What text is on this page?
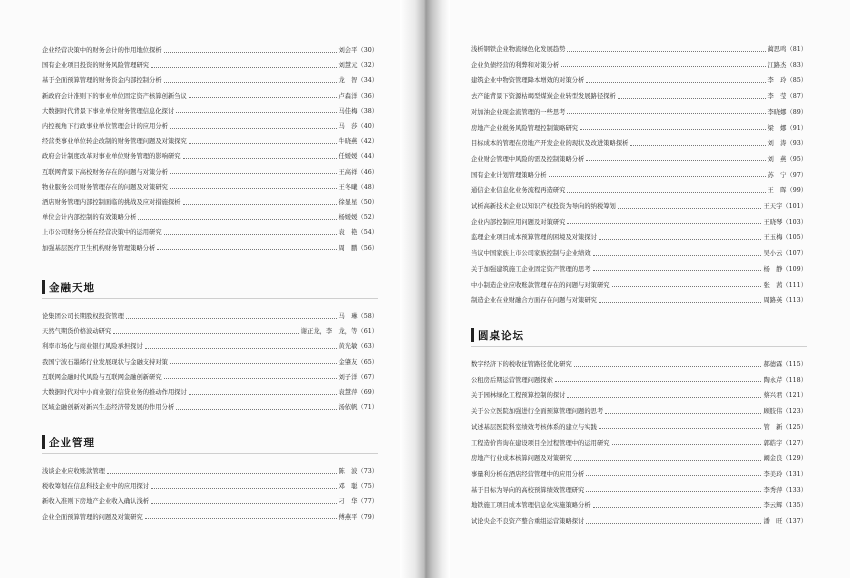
企业经营决策中的财务会计的作用地位探析	刘会平（30）
国有企业项目投资的财务风险管理研究	刘慧元（32）
基于全面预算管理的财务资金内部控制分析	龙　智（34）
新政府会计准则下的事业单位固定资产核算创新刍议	卢森洋（36）
大数据时代背景下事业单位财务管理信息化探讨	马佳梅（38）
内控视角下行政事业单位管理会计的应用分析	马　莎（40）
经营类事业单位转企改制的财务管理问题及对策探究	牛晓燕（42）
政府会计制度改革对事业单位财务管理的影响研究	任媛媛（44）
互联网背景下高校财务存在的问题与对策分析	王高祥（46）
物业服务公司财务管理存在的问题及对策研究	王冬曦（48）
酒店财务管理内部控制面临的挑战及应对措施探析	徐显星（50）
单位会计内部控制的有效策略分析	杨媛媛（52）
上市公司财务分析在经营决策中的运用研究	袁　艳（54）
加强基层医疗卫生机构财务管理策略分析	周　鹏（56）
金融天地
论集团公司长期股权投资管理	马　琳（58）
天然气期货价格波动研究	谢正龙，李　龙，等（61）
利率市场化与商业银行风险承担探讨	黄光敏（63）
我国宁波石墨烯行业发展现状与金融支持对策	金肇友（65）
互联网金融时代风险与互联网金融创新研究	刘子洋（67）
大数据时代对中小商业银行信贷业务的推动作用探讨	袁慧萍（69）
区域金融创新对新兴生态经济带发展的作用分析	汤依帆（71）
企业管理
浅谈企业应收账款管理	陈　波（73）
税收筹划在信息科技企业中的应用探讨	邓　聪（75）
新收入准则下房地产企业收入确认浅析	刁　华（77）
企业全面预算管理的问题及对策研究	傅燕平（79）
浅析钢铁企业物流绿色化发展趋势	蔺思鸣（81）
企业负债经营的利弊和对策分析	江路杰（83）
建筑企业中物资管理降本增效的对策分析	李　玲（85）
去产能背景下资源枯竭型煤炭企业转型发展路径探析	李　莹（87）
对加油企业现金流管理的一些思考	李晓娜（89）
房地产企业税务风险管理控制策略研究	梁　娜（91）
目标成本的管理在房地产开发企业的现状及改进策略探析	刘　涛（93）
企业财会管理中风险的需及控制策略分析	刘　燕（95）
国有企业计划管理策略分析	苏　宁（97）
通信企业信息化业务流程再造研究	王　晖（99）
试析高新技术企业以知识产权投资为导向的纳税筹划	王天宇（101）
企业内部控制应用问题及对策研究	王晓琴（103）
监理企业项目成本预算管理的困境及对策探讨	王玉梅（105）
当议中国家族上市公司家族控制与企业绩效	吴小云（107）
关于加强建筑施工企业固定资产管理的思考	杨　静（109）
中小制造企业应收账款管理存在的问题与对策研究	张　茜（111）
制造企业在业财融合方面存在问题与对策研究	周路英（113）
圆桌论坛
数字经济下的税收征管路径优化研究	郝德霖（115）
公租房后期运营管理问题探索	陶永芹（118）
关于园林绿化工程预算控制的探讨	蔡兴君（121）
关于公立医院加强进行全面预算管理问题的思考	顾肢伟（123）
试述基层医院科室绩效考核体系的建立与实践	管　新（125）
工程造价咨询在建设项目全过程管理中的运用研究	郭皓宇（127）
房地产行业成本核算问题及对策研究	阚金良（129）
事量利分析在酒店经营管理中的应用分析	李美玲（131）
基于目标为导向的高校预算绩效管理研究	李秀萍（133）
地铁施工项目成本管理信息化实施策略分析	李云辉（135）
试论央企不良资产整合重组运营策略探讨	潘　旺（137）
